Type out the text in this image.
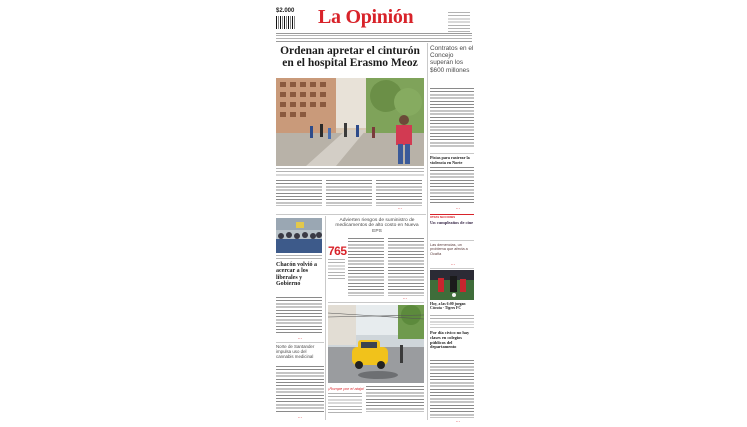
$2.000 La Opinión
Ordenan apretar el cinturón en el hospital Erasmo Meoz
▪ ▪ ▪
Contratos en el Concejo superan los $600 millones
Pistas para rastrear la violencia en Norte
▪ ▪ ▪
OTRAS SECCIONES
Un cumpleaños de cine
Las demencias, un problema que afecta a Ocaña
▪ ▪ ▪
Hoy, a las 6:00 juegan Cúcuta - Tigres FC
Por día cívico no hay clases en colegios públicos del departamento
▪ ▪ ▪
Chacón volvió a acercar a los liberales y Gobierno
▪ ▪ ▪
Advierten riesgos de suministro de medicamentos de alto costo en Nueva EPS
765
▪ ▪ ▪
¡Rompe por el atajo!
Norte de Santander impulsa uso del cannabis medicinal
▪ ▪ ▪
